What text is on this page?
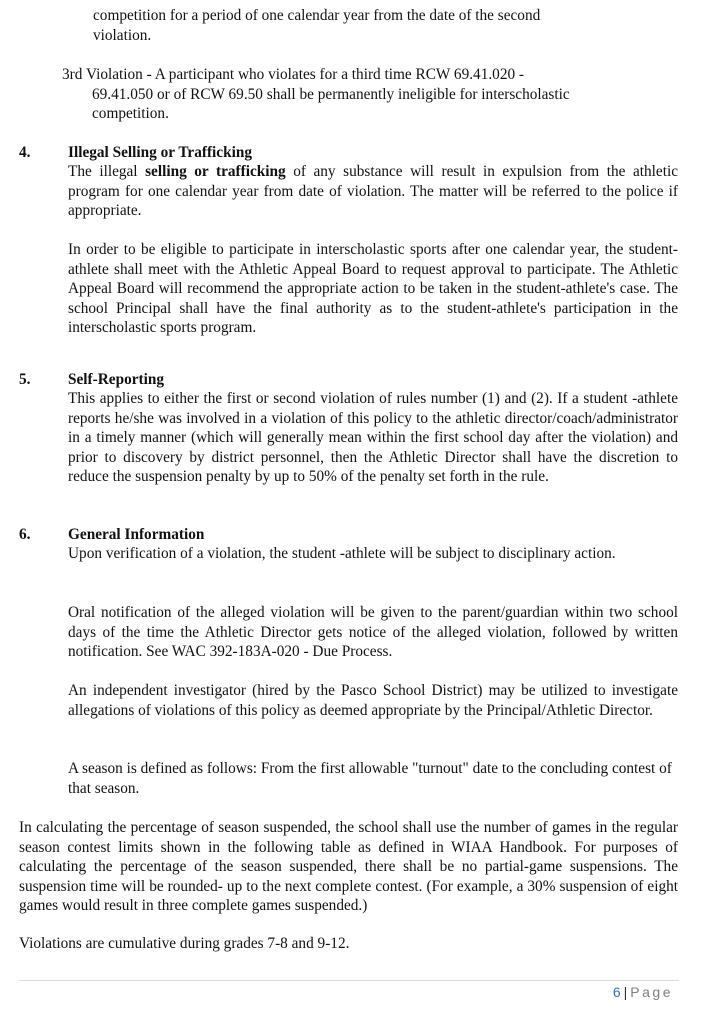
competition for a period of one calendar year from the date of the second
violation.
3rd Violation - A participant who violates for a third time RCW 69.41.020 -
69.41.050 or of RCW 69.50 shall be permanently ineligible for interscholastic
competition.
4. Illegal Selling or Trafficking

The illegal selling or trafficking of any substance will result in expulsion from the athletic program for one calendar year from date of violation. The matter will be referred to the police if appropriate.

In order to be eligible to participate in interscholastic sports after one calendar year, the student-athlete shall meet with the Athletic Appeal Board to request approval to participate. The Athletic Appeal Board will recommend the appropriate action to be taken in the student-athlete's case. The school Principal shall have the final authority as to the student-athlete's participation in the interscholastic sports program.

5. Self-Reporting

This applies to either the first or second violation of rules number (1) and (2). If a student -athlete reports he/she was involved in a violation of this policy to the athletic director/coach/administrator in a timely manner (which will generally mean within the first school day after the violation) and prior to discovery by district personnel, then the Athletic Director shall have the discretion to reduce the suspension penalty by up to 50% of the penalty set forth in the rule.

6. General Information

Upon verification of a violation, the student -athlete will be subject to disciplinary action.

Oral notification of the alleged violation will be given to the parent/guardian within two school days of the time the Athletic Director gets notice of the alleged violation, followed by written notification. See WAC 392-183A-020 - Due Process.

An independent investigator (hired by the Pasco School District) may be utilized to investigate allegations of violations of this policy as deemed appropriate by the Principal/Athletic Director.

A season is defined as follows: From the first allowable "turnout" date to the concluding contest of that season.

In calculating the percentage of season suspended, the school shall use the number of games in the regular season contest limits shown in the following table as defined in WIAA Handbook. For purposes of calculating the percentage of the season suspended, there shall be no partial-game suspensions. The suspension time will be rounded- up to the next complete contest. (For example, a 30% suspension of eight games would result in three complete games suspended.)

Violations are cumulative during grades 7-8 and 9-12.

6 | Page
